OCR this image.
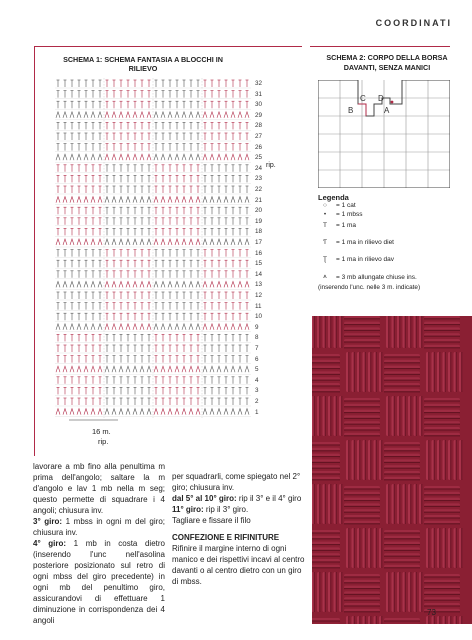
COORDINATI
SCHEMA 1: SCHEMA FANTASIA A BLOCCHI IN RILIEVO
SCHEMA 2: CORPO DELLA BORSA DAVANTI, SENZA MANICI
32
31
30
29
28
27
26
25
24
23
22
21
20
19
18
17
16
15
14
13
12
11
10
9
8
7
6
5
4
3
2
1
rip.
16 m.
rip.
C D
B	A
Legenda
○	= 1 cat
•	= 1 mbss
T	= 1 ma
Ƭ	= 1 ma in rilievo diet
Ʈ	= 1 ma in rilievo dav
⩚	= 3 mb allungate chiuse ins.
(inserendo l'unc. nelle 3 m. indicate)
lavorare a mb fino alla penultima m prima dell'angolo; saltare la m d'angolo e lav 1 mb nella m seg; questo permette di squadrare i 4 angoli; chiusura inv.
3° giro: 1 mbss in ogni m del giro; chiusura inv.
4° giro: 1 mb in costa dietro (inserendo l'unc nell'asolina posteriore posizionato sul retro di ogni mbss del giro precedente) in ogni mb del penultimo giro, assicurandovi di effettuare 1 diminuzione in corrispondenza dei 4 angoli
per squadrarli, come spiegato nel 2° giro; chiusura inv.
dal 5° al 10° giro: rip il 3° e il 4° giro
11° giro: rip il 3° giro.
Tagliare e fissare il filo
CONFEZIONE E RIFINITURE
Rifinire il margine interno di ogni manico e dei rispettivi incavi al centro davanti o al centro dietro con un giro di mbss.
73
